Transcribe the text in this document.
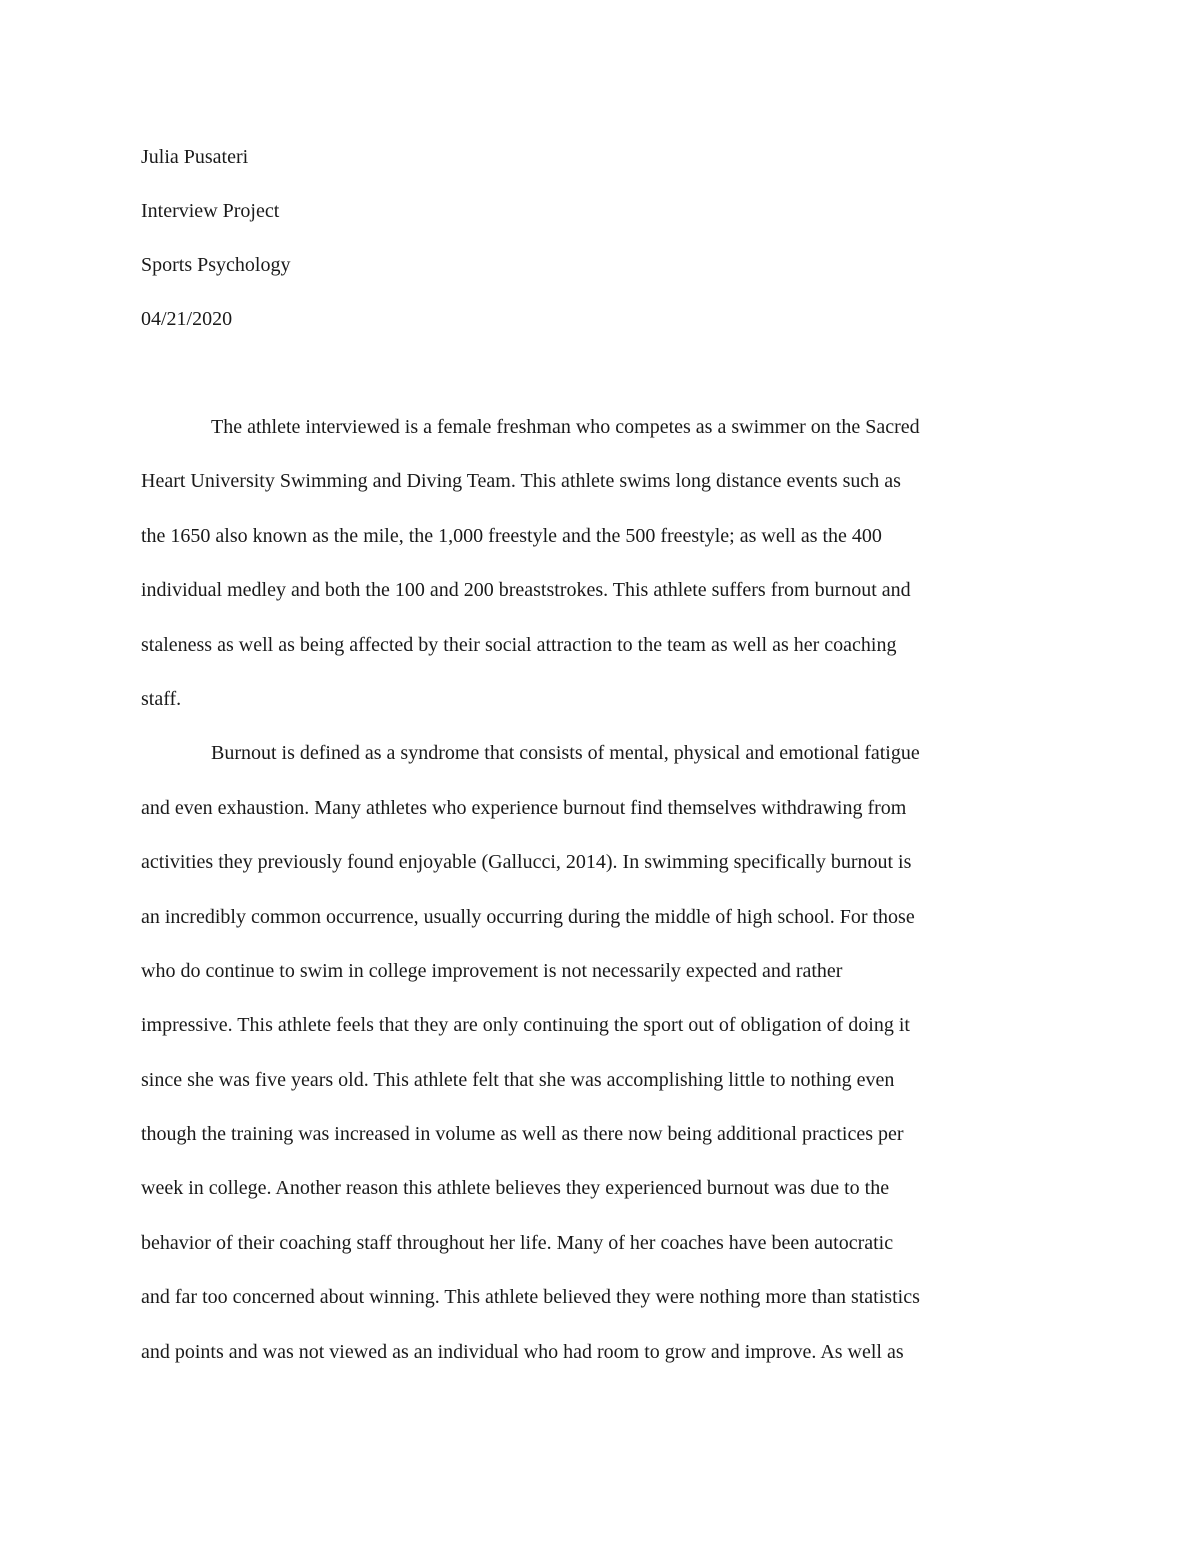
Julia Pusateri
Interview Project
Sports Psychology
04/21/2020
The athlete interviewed is a female freshman who competes as a swimmer on the Sacred
Heart University Swimming and Diving Team. This athlete swims long distance events such as
the 1650 also known as the mile, the 1,000 freestyle and the 500 freestyle; as well as the 400
individual medley and both the 100 and 200 breaststrokes. This athlete suffers from burnout and
staleness as well as being affected by their social attraction to the team as well as her coaching
staff.
Burnout is defined as a syndrome that consists of mental, physical and emotional fatigue
and even exhaustion. Many athletes who experience burnout find themselves withdrawing from
activities they previously found enjoyable (Gallucci, 2014). In swimming specifically burnout is
an incredibly common occurrence, usually occurring during the middle of high school. For those
who do continue to swim in college improvement is not necessarily expected and rather
impressive. This athlete feels that they are only continuing the sport out of obligation of doing it
since she was five years old. This athlete felt that she was accomplishing little to nothing even
though the training was increased in volume as well as there now being additional practices per
week in college. Another reason this athlete believes they experienced burnout was due to the
behavior of their coaching staff throughout her life. Many of her coaches have been autocratic
and far too concerned about winning. This athlete believed they were nothing more than statistics
and points and was not viewed as an individual who had room to grow and improve. As well as
